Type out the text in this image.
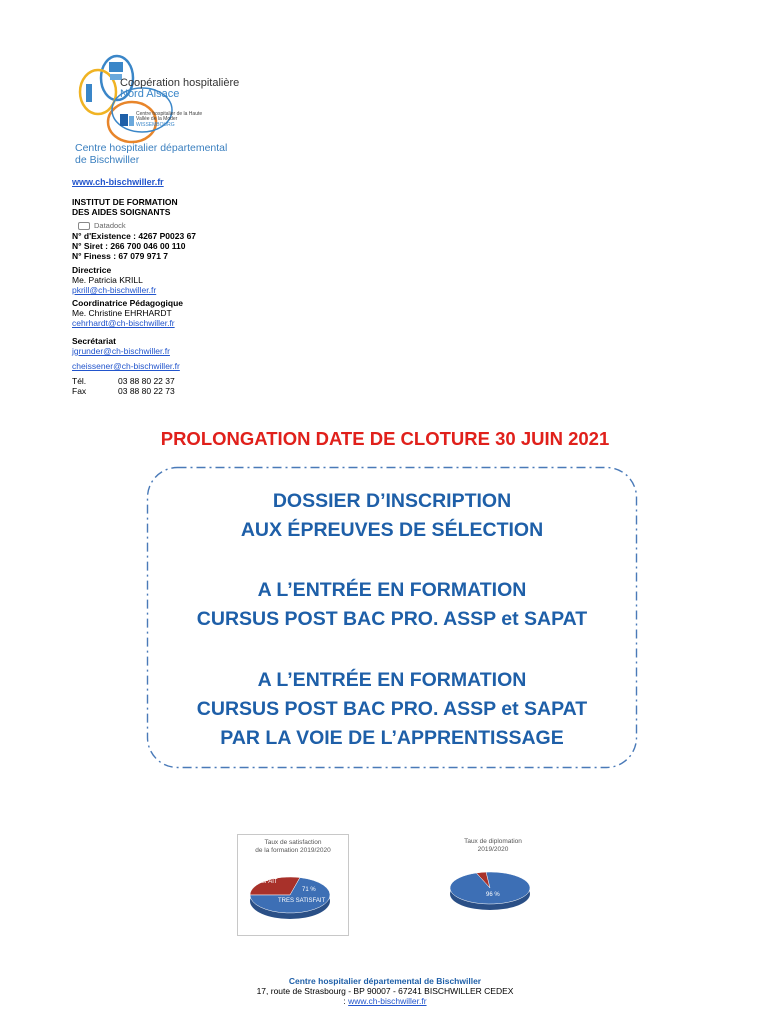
Coopération hospitalière
Nord Alsace
Centre hospitalier de la Haute Vallée de la Moder
WISSEMBOURG
Centre hospitalier départemental
de Bischwiller
www.ch-bischwiller.fr
INSTITUT DE FORMATION
DES AIDES SOIGNANTS
Datadock
N° d'Existence : 4267 P0023 67
N° Siret : 266 700 046 00 110
N° Finess : 67 079 971 7
Directrice
Me. Patricia KRILL
pkrill@ch-bischwiller.fr
Coordinatrice Pédagogique
Me. Christine EHRHARDT
cehrhardt@ch-bischwiller.fr
Secrétariat
jgrunder@ch-bischwiller.fr
cheissener@ch-bischwiller.fr
Tél.	03 88 80 22 37
Fax	03 88 80 22 73
PROLONGATION DATE DE CLOTURE 30 JUIN 2021
DOSSIER D’INSCRIPTION
AUX ÉPREUVES DE SÉLECTION
A L’ENTRÉE EN FORMATION
CURSUS POST BAC PRO. ASSP et SAPAT
A L’ENTRÉE EN FORMATION
CURSUS POST BAC PRO. ASSP et SAPAT
PAR LA VOIE DE L’APPRENTISSAGE
Taux de satisfaction
de la formation 2019/2020
SATISFAIT
71 %
TRES SATISFAIT
Taux de diplomation
2019/2020
96 %
Centre hospitalier départemental de Bischwiller
17, route de Strasbourg - BP 90007 - 67241 BISCHWILLER CEDEX
: www.ch-bischwiller.fr
